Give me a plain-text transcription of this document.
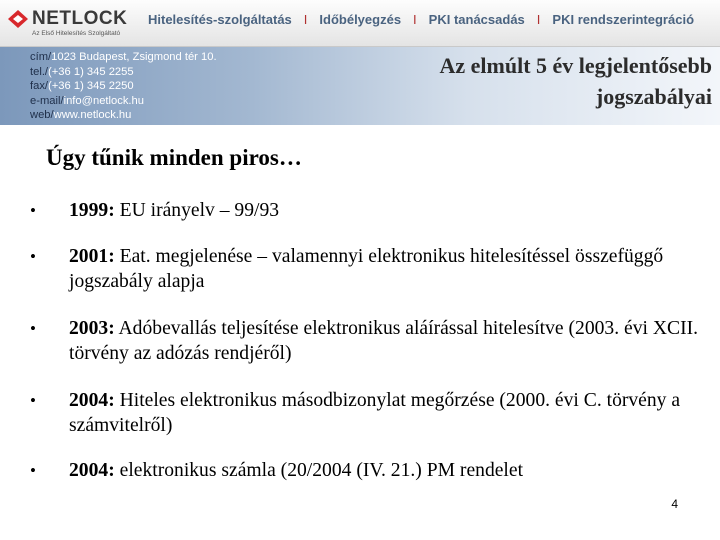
NETLOCK
Az Első Hitelesítés Szolgáltató
Hitelesítés-szolgáltatás I Időbélyegzés I PKI tanácsadás I PKI rendszerintegráció
cím/1023 Budapest, Zsigmond tér 10.
tel./(+36 1) 345 2255
fax/(+36 1) 345 2250
e-mail/info@netlock.hu
web/www.netlock.hu
Az elmúlt 5 év legjelentősebb
jogszabályai
Úgy tűnik minden piros…
•	1999: EU irányelv – 99/93
•	2001: Eat. megjelenése – valamennyi elektronikus hitelesítéssel összefüggő jogszabály alapja
•	2003: Adóbevallás teljesítése elektronikus aláírással hitelesítve (2003. évi XCII. törvény az adózás rendjéről)
•	2004: Hiteles elektronikus másodbizonylat megőrzése (2000. évi C. törvény a számvitelről)
•	2004: elektronikus számla (20/2004 (IV. 21.) PM rendelet
4
